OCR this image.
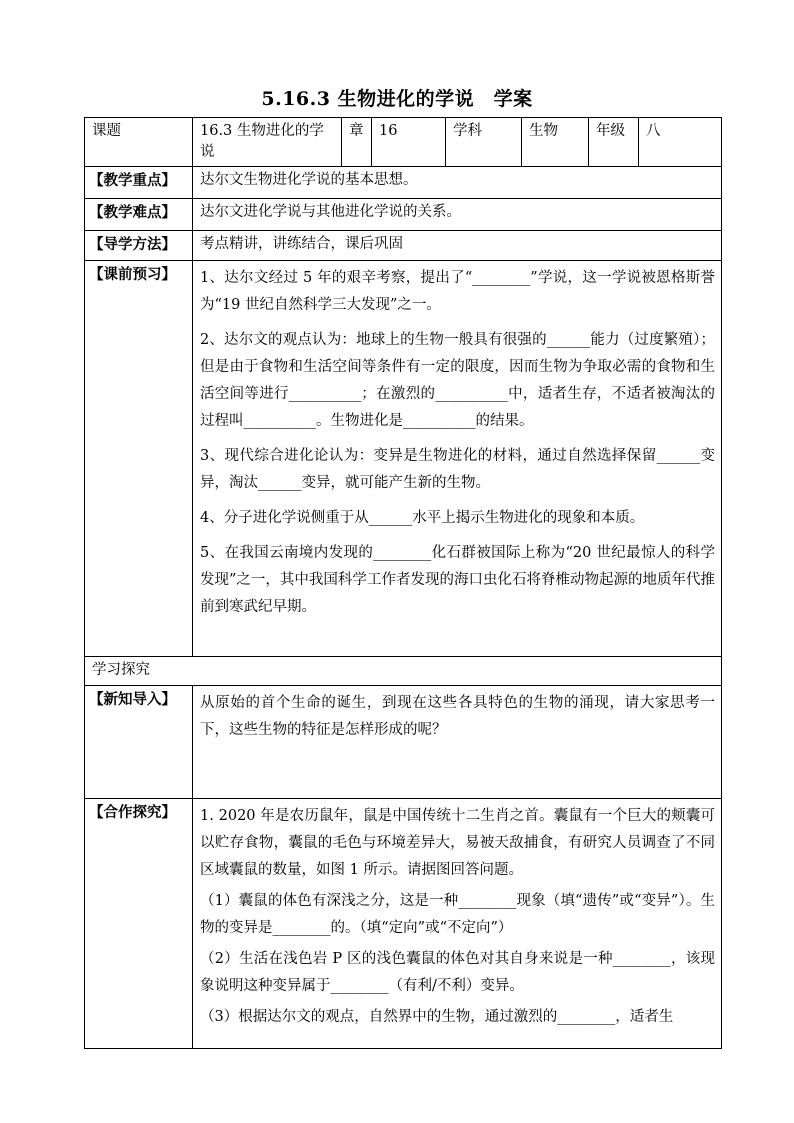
5.16.3 生物进化的学说　学案
课题	16.3 生物进化的学说	章	16	学科	生物	年级	八
【教学重点】	达尔文生物进化学说的基本思想。						
【教学难点】	达尔文进化学说与其他进化学说的关系。						
【导学方法】	考点精讲，讲练结合，课后巩固						
【课前预习】	1、达尔文经过 5 年的艰辛考察，提出了“________”学说，这一学说被恩格斯誉为“19 世纪自然科学三大发现”之一。

2、达尔文的观点认为：地球上的生物一般具有很强的______能力（过度繁殖）；但是由于食物和生活空间等条件有一定的限度，因而生物为争取必需的食物和生活空间等进行__________；在激烈的__________中，适者生存，不适者被淘汰的过程叫__________。生物进化是__________的结果。

3、现代综合进化论认为：变异是生物进化的材料，通过自然选择保留______变异，淘汰______变异，就可能产生新的生物。

4、分子进化学说侧重于从______水平上揭示生物进化的现象和本质。

5、在我国云南境内发现的________化石群被国际上称为“20 世纪最惊人的科学发现”之一，其中我国科学工作者发现的海口虫化石将脊椎动物起源的地质年代推前到寒武纪早期。						

学习探究							
【新知导入】	从原始的首个生命的诞生，到现在这些各具特色的生物的涌现，请大家思考一下，这些生物的特征是怎样形成的呢？						

【合作探究】	1. 2020 年是农历鼠年，鼠是中国传统十二生肖之首。囊鼠有一个巨大的颊囊可以贮存食物，囊鼠的毛色与环境差异大，易被天敌捕食，有研究人员调查了不同区域囊鼠的数量，如图 1 所示。请据图回答问题。

（1）囊鼠的体色有深浅之分，这是一种________现象（填“遗传”或“变异”）。生物的变异是________的。（填“定向”或“不定向”）

（2）生活在浅色岩 P 区的浅色囊鼠的体色对其自身来说是一种________，该现象说明这种变异属于________（有利/不利）变异。

（3）根据达尔文的观点，自然界中的生物，通过激烈的________，适者生						
